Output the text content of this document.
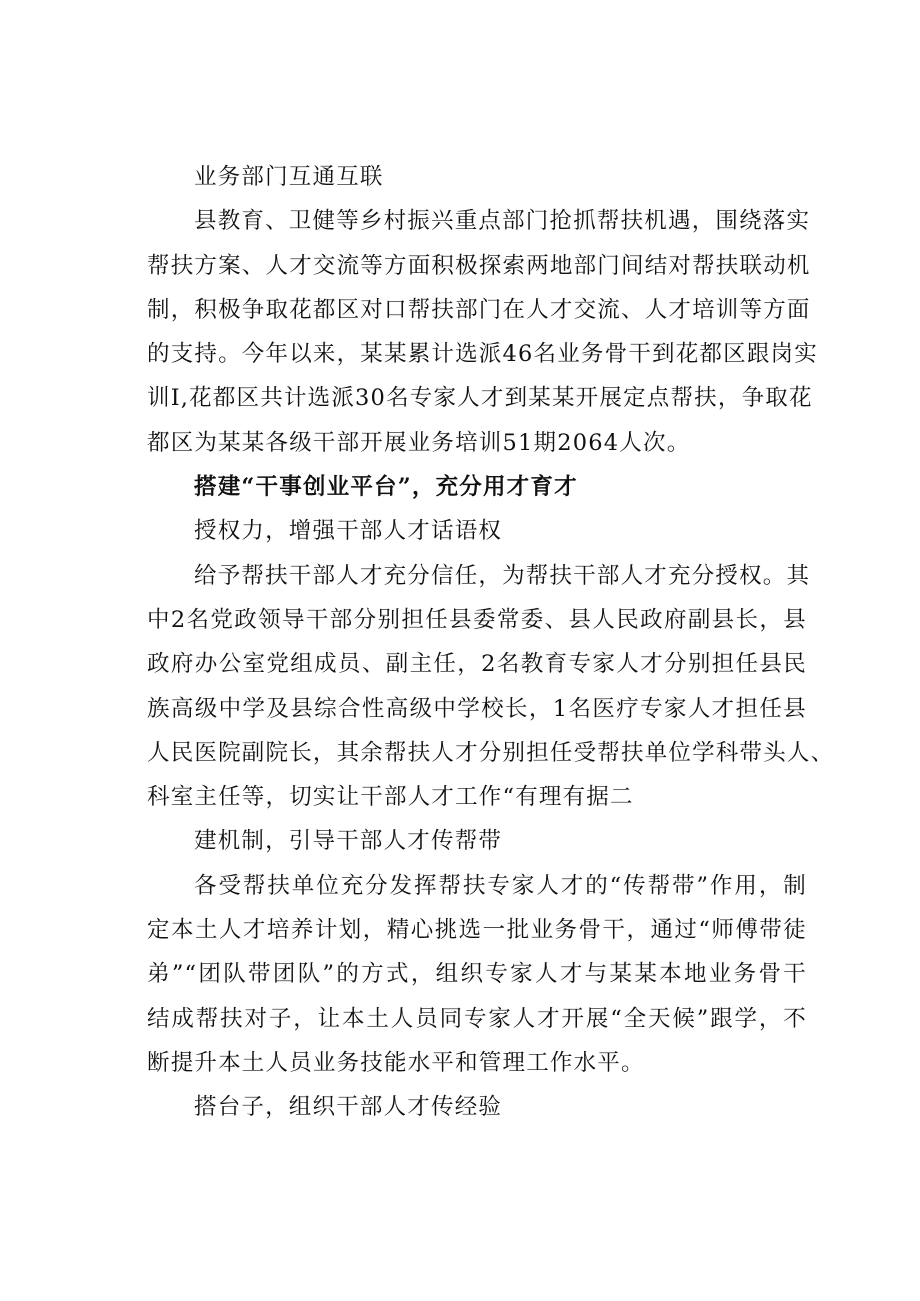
业务部门互通互联
县教育、卫健等乡村振兴重点部门抢抓帮扶机遇，围绕落实
帮扶方案、人才交流等方面积极探索两地部门间结对帮扶联动机
制，积极争取花都区对口帮扶部门在人才交流、人才培训等方面
的支持。今年以来，某某累计选派46名业务骨干到花都区跟岗实
训I,花都区共计选派30名专家人才到某某开展定点帮扶，争取花
都区为某某各级干部开展业务培训51期2064人次。
搭建“干事创业平台”，充分用才育才
授权力，增强干部人才话语权
给予帮扶干部人才充分信任，为帮扶干部人才充分授权。其
中2名党政领导干部分别担任县委常委、县人民政府副县长，县
政府办公室党组成员、副主任，2名教育专家人才分别担任县民
族高级中学及县综合性高级中学校长，1名医疗专家人才担任县
人民医院副院长，其余帮扶人才分别担任受帮扶单位学科带头人、
科室主任等，切实让干部人才工作“有理有据二
建机制，引导干部人才传帮带
各受帮扶单位充分发挥帮扶专家人才的“传帮带”作用，制
定本土人才培养计划，精心挑选一批业务骨干，通过“师傅带徒
弟”“团队带团队”的方式，组织专家人才与某某本地业务骨干
结成帮扶对子，让本土人员同专家人才开展“全天候”跟学，不
断提升本土人员业务技能水平和管理工作水平。
搭台子，组织干部人才传经验
